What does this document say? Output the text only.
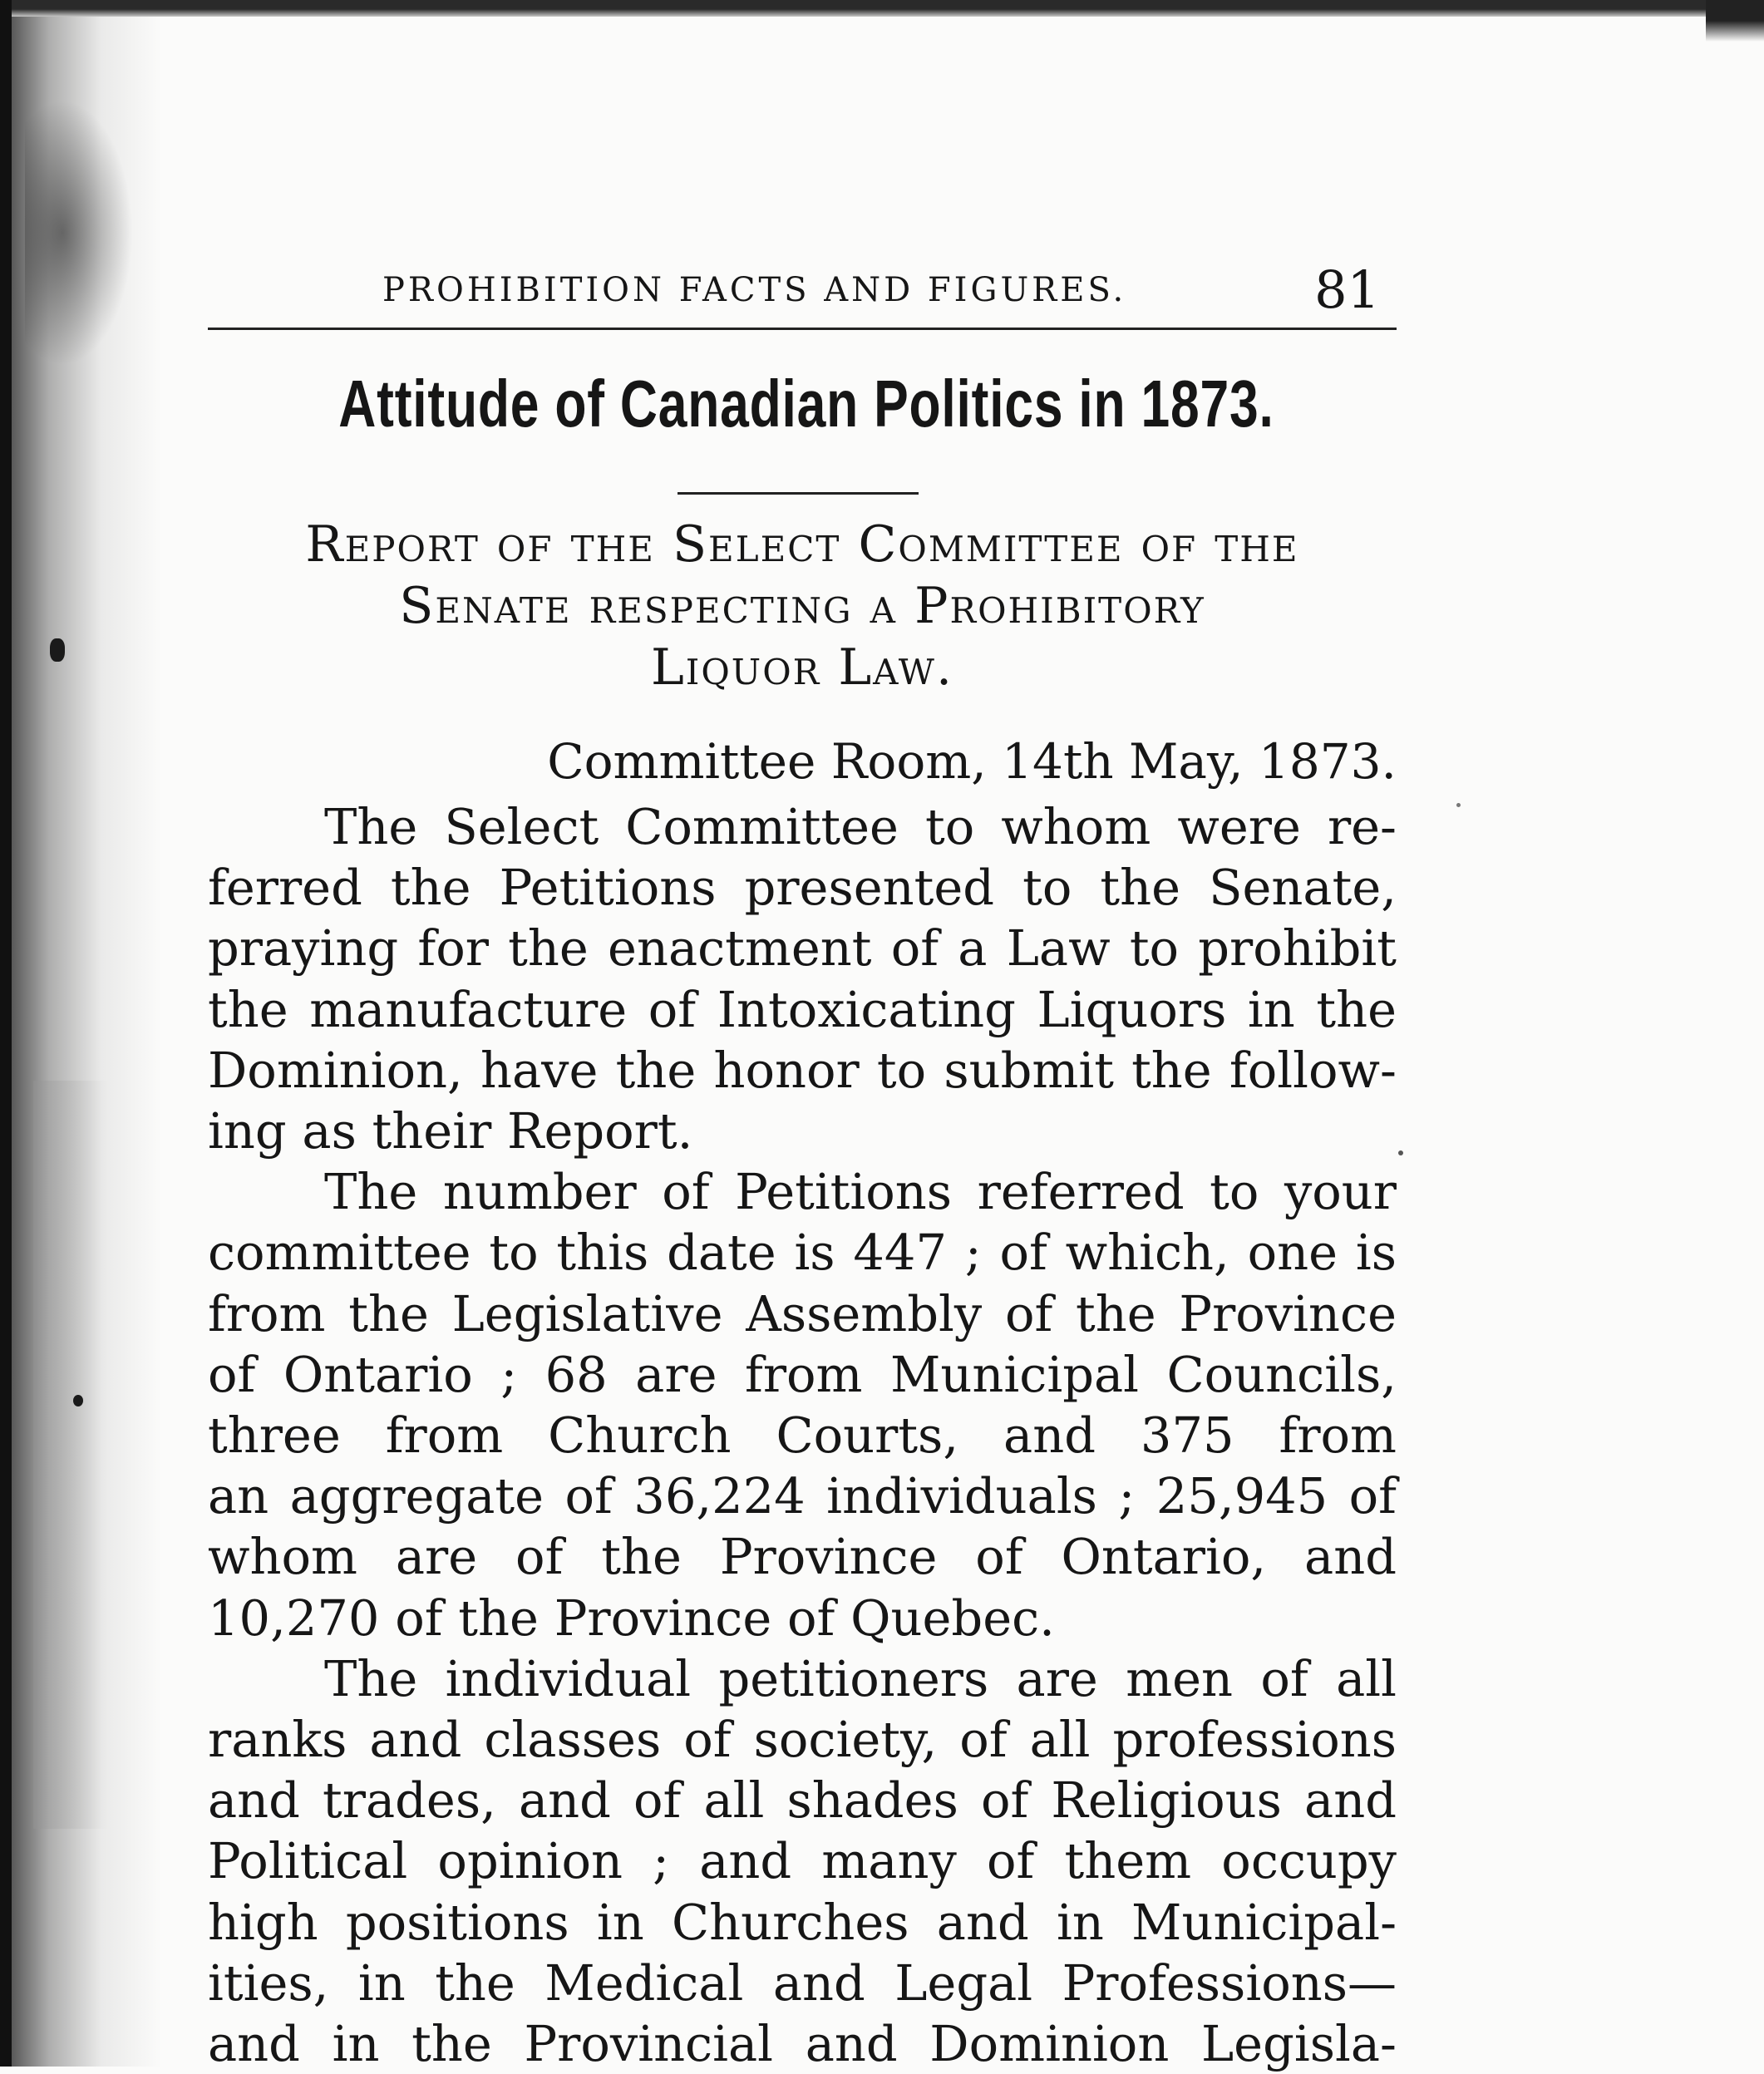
PROHIBITION FACTS AND FIGURES.	81
Attitude of Canadian Politics in 1873.
Report of the Select Committee of the
Senate respecting a Prohibitory
Liquor Law.
Committee Room, 14th May, 1873.

The Select Committee to whom were re-
ferred the Petitions presented to the Senate,
praying for the enactment of a Law to prohibit
the manufacture of Intoxicating Liquors in the
Dominion, have the honor to submit the follow-
ing as their Report.

The number of Petitions referred to your
committee to this date is 447 ; of which, one is
from the Legislative Assembly of the Province
of Ontario ; 68 are from Municipal Councils,
three from Church Courts, and 375 from
an aggregate of 36,224 individuals ; 25,945 of
whom are of the Province of Ontario, and
10,270 of the Province of Quebec.

The individual petitioners are men of all
ranks and classes of society, of all professions
and trades, and of all shades of Religious and
Political opinion ; and many of them occupy
high positions in Churches and in Municipal-
ities, in the Medical and Legal Professions—
and in the Provincial and Dominion Legisla-
